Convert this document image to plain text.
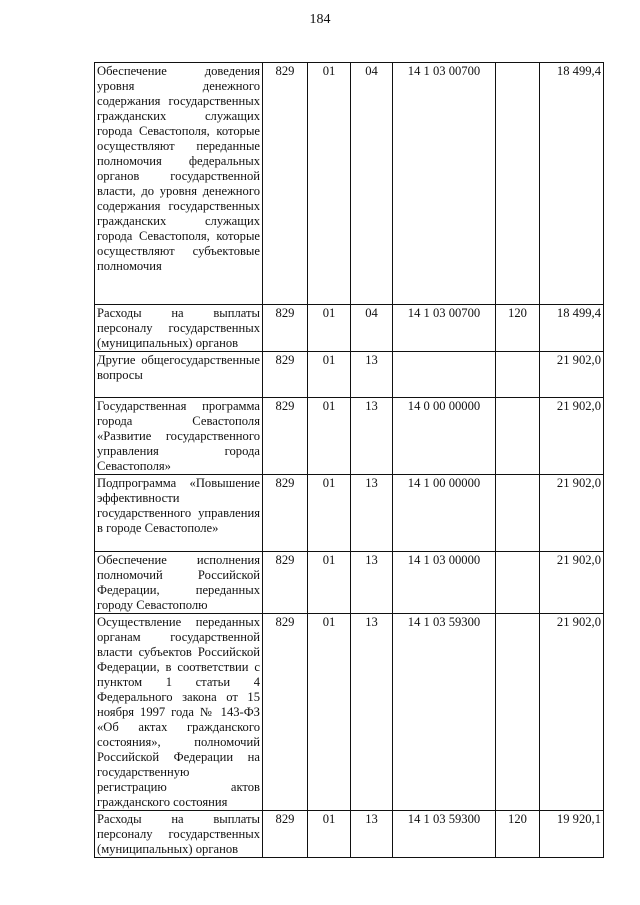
184
Обеспечение доведения уровня денежного содержания государственных гражданских служащих города Севастополя, которые осуществляют переданные полномочия федеральных органов государственной власти, до уровня денежного содержания государственных гражданских служащих города Севастополя, которые осуществляют субъектовые полномочия	829	01	04	14 1 03 00700		18 499,4

Расходы на выплаты персоналу государственных (муниципальных) органов	829	01	04	14 1 03 00700	120	18 499,4

Другие общегосударственные вопросы	829	01	13			21 902,0

Государственная программа города Севастополя «Развитие государственного управления города Севастополя»	829	01	13	14 0 00 00000		21 902,0

Подпрограмма «Повышение эффективности государственного управления в городе Севастополе»	829	01	13	14 1 00 00000		21 902,0

Обеспечение исполнения полномочий Российской Федерации, переданных городу Севастополю	829	01	13	14 1 03 00000		21 902,0

Осуществление переданных органам государственной власти субъектов Российской Федерации, в соответствии с пунктом 1 статьи 4 Федерального закона от 15 ноября 1997 года № 143-ФЗ «Об актах гражданского состояния», полномочий Российской Федерации на государственную регистрацию актов гражданского состояния	829	01	13	14 1 03 59300		21 902,0

Расходы на выплаты персоналу государственных (муниципальных) органов	829	01	13	14 1 03 59300	120	19 920,1
